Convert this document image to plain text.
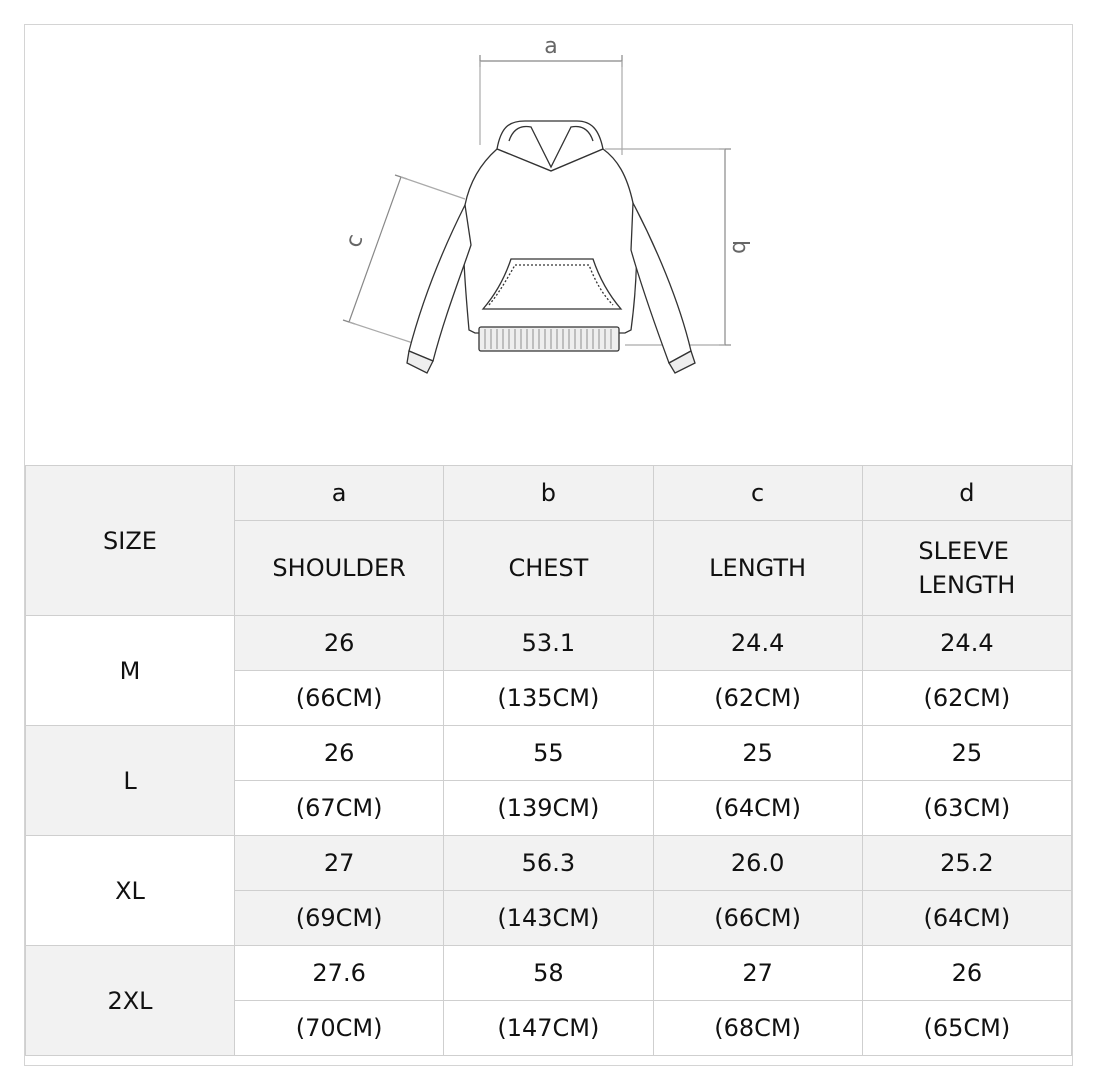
a
b
c
SIZE	a	b	c	d
	SHOULDER	CHEST	LENGTH	SLEEVE
LENGTH
M	26	53.1	24.4	24.4
	(66CM)	(135CM)	(62CM)	(62CM)
L	26	55	25	25
	(67CM)	(139CM)	(64CM)	(63CM)
XL	27	56.3	26.0	25.2
	(69CM)	(143CM)	(66CM)	(64CM)
2XL	27.6	58	27	26
	(70CM)	(147CM)	(68CM)	(65CM)
